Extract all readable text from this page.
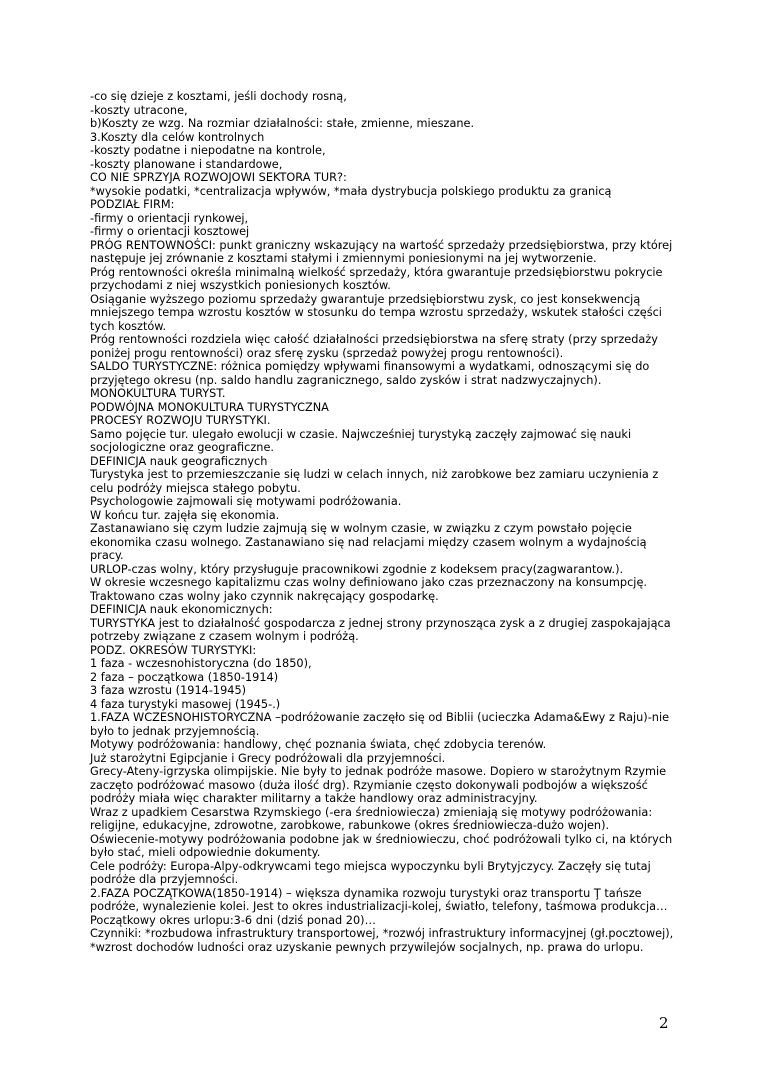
-co się dzieje z kosztami, jeśli dochody rosną,
-koszty utracone,
b)Koszty ze wzg. Na rozmiar działalności: stałe, zmienne, mieszane.
3.Koszty dla celów kontrolnych
-koszty podatne i niepodatne na kontrole,
-koszty planowane i standardowe,
CO NIE SPRZYJA ROZWOJOWI SEKTORA TUR?:
*wysokie podatki, *centralizacja wpływów, *mała dystrybucja polskiego produktu za granicą
PODZIAŁ FIRM:
-firmy o orientacji rynkowej,
-firmy o orientacji kosztowej
PRÓG RENTOWNOŚCI: punkt graniczny wskazujący na wartość sprzedaży przedsiębiorstwa, przy której następuje jej zrównanie z kosztami stałymi i zmiennymi poniesionymi na jej wytworzenie.
Próg rentowności określa minimalną wielkość sprzedaży, która gwarantuje przedsiębiorstwu pokrycie przychodami z niej wszystkich poniesionych kosztów.
Osiąganie wyższego poziomu sprzedaży gwarantuje przedsiębiorstwu zysk, co jest konsekwencją mniejszego tempa wzrostu kosztów w stosunku do tempa wzrostu sprzedaży, wskutek stałości części tych kosztów.
Próg rentowności rozdziela więc całość działalności przedsiębiorstwa na sferę straty (przy sprzedaży poniżej progu rentowności) oraz sferę zysku (sprzedaż powyżej progu rentowności).
SALDO TURYSTYCZNE: różnica pomiędzy wpływami finansowymi a wydatkami, odnoszącymi się do przyjętego okresu (np. saldo handlu zagranicznego, saldo zysków i strat nadzwyczajnych).
MONOKULTURA TURYST.
PODWÓJNA MONOKULTURA TURYSTYCZNA
PROCESY ROZWOJU TURYSTYKI.
Samo pojęcie tur. ulegało ewolucji w czasie. Najwcześniej turystyką zaczęły zajmować się nauki socjologiczne oraz geograficzne.
DEFINICJA nauk geograficznych
Turystyka jest to przemieszczanie się ludzi w celach innych, niż zarobkowe bez zamiaru uczynienia z celu podróży miejsca stałego pobytu.
Psychologowie zajmowali się motywami podróżowania.
W końcu tur. zajęła się ekonomia.
Zastanawiano się czym ludzie zajmują się w wolnym czasie, w związku z czym powstało pojęcie ekonomika czasu wolnego. Zastanawiano się nad relacjami między czasem wolnym a wydajnością pracy.
URLOP-czas wolny, który przysługuje pracownikowi zgodnie z kodeksem pracy(zagwarantow.).
W okresie wczesnego kapitalizmu czas wolny definiowano jako czas przeznaczony na konsumpcję.
Traktowano czas wolny jako czynnik nakręcający gospodarkę.
DEFINICJA nauk ekonomicznych:
TURYSTYKA jest to działalność gospodarcza z jednej strony przynosząca zysk a z drugiej zaspokajająca potrzeby związane z czasem wolnym i podróżą.
PODZ. OKRESÓW TURYSTYKI:
1 faza - wczesnohistoryczna (do 1850),
2 faza – początkowa (1850-1914)
3 faza wzrostu (1914-1945)
4 faza turystyki masowej (1945-.)
1.FAZA WCZESNOHISTORYCZNA –podróżowanie zaczęło się od Biblii (ucieczka Adama&Ewy z Raju)-nie było to jednak przyjemnością.
Motywy podróżowania: handlowy, chęć poznania świata, chęć zdobycia terenów.
Już starożytni Egipcjanie i Grecy podróżowali dla przyjemności.
Grecy-Ateny-igrzyska olimpijskie. Nie były to jednak podróże masowe. Dopiero w starożytnym Rzymie zaczęto podróżować masowo (duża ilość drg). Rzymianie często dokonywali podbojów a większość podróży miała więc charakter militarny a także handlowy oraz administracyjny.
Wraz z upadkiem Cesarstwa Rzymskiego (-era średniowiecza) zmieniają się motywy podróżowania: religijne, edukacyjne, zdrowotne, zarobkowe, rabunkowe (okres średniowiecza-dużo wojen).
Oświecenie-motywy podróżowania podobne jak w średniowieczu, choć podróżowali tylko ci, na których było stać, mieli odpowiednie dokumenty.
Cele podróży: Europa-Alpy-odkrywcami tego miejsca wypoczynku byli Brytyjczycy. Zaczęły się tutaj podróże dla przyjemności.
2.FAZA POCZĄTKOWA(1850-1914) – większa dynamika rozwoju turystyki oraz transportu Ţ tańsze podróże, wynalezienie kolei. Jest to okres industrializacji-kolej, światło, telefony, taśmowa produkcja…
Początkowy okres urlopu:3-6 dni (dziś ponad 20)…
Czynniki: *rozbudowa infrastruktury transportowej, *rozwój infrastruktury informacyjnej (gł.pocztowej), *wzrost dochodów ludności oraz uzyskanie pewnych przywilejów socjalnych, np. prawa do urlopu.
2
